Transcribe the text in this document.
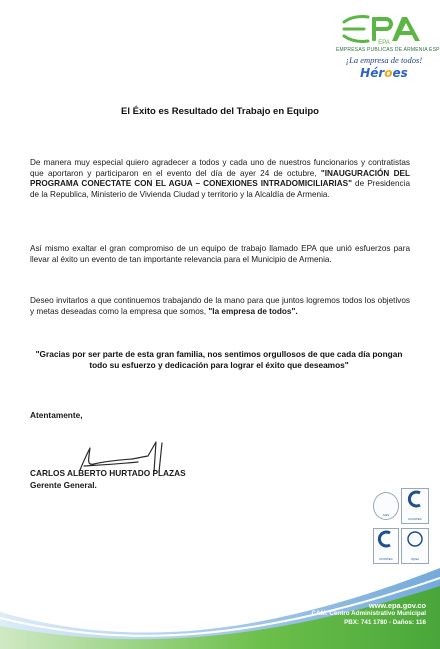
EPA
EMPRESAS PUBLICAS DE ARMENIA ESP
¡La empresa de todos!
Héroes
El Éxito es Resultado del Trabajo en Equipo
De manera muy especial quiero agradecer a todos y cada uno de nuestros funcionarios y contratistas que aportaron y participaron en el evento del día de ayer 24 de octubre, "INAUGURACIÓN DEL PROGRAMA CONECTATE CON EL AGUA – CONEXIONES INTRADOMICILIARIAS" de Presidencia de la Republica, Ministerio de Vivienda Ciudad y territorio y la Alcaldía de Armenia.
Así mismo exaltar el gran compromiso de un equipo de trabajo llamado EPA que unió esfuerzos para llevar al éxito un evento de tan importante relevancia para el Municipio de Armenia.
Deseo invitarlos a que continuemos trabajando de la mano para que juntos logremos todos los objetivos y metas deseadas como la empresa que somos, "la empresa de todos".
"Gracias por ser parte de esta gran familia, nos sentimos orgullosos de que cada día pongan todo su esfuerzo y dedicación para lograr el éxito que deseamos"
Atentamente,
CARLOS ALBERTO HURTADO PLAZAS
Gerente General.
SGS
ICONTEC
ICONTEC	IQNet
www.epa.gov.co
CAM. Centro Administrativo Municipal
PBX: 741 1780 - Daños: 116
